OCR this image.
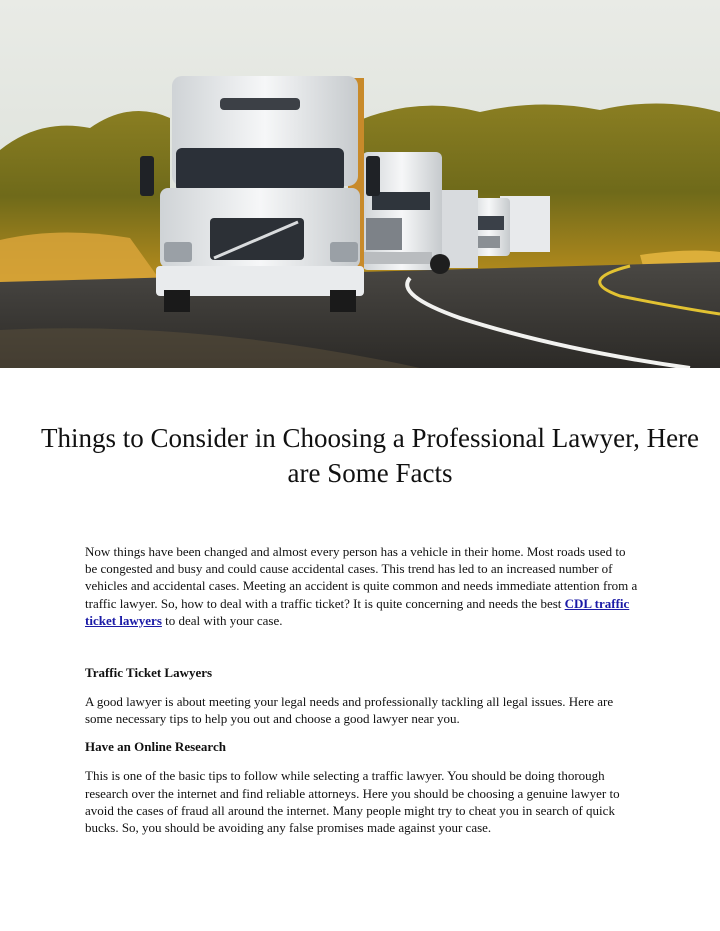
Things to Consider in Choosing a Professional Lawyer, Here are Some Facts

Now things have been changed and almost every person has a vehicle in their home. Most roads used to be congested and busy and could cause accidental cases. This trend has led to an increased number of vehicles and accidental cases. Meeting an accident is quite common and needs immediate attention from a traffic lawyer. So, how to deal with a traffic ticket? It is quite concerning and needs the best CDL traffic ticket lawyers to deal with your case.

Traffic Ticket Lawyers

A good lawyer is about meeting your legal needs and professionally tackling all legal issues. Here are some necessary tips to help you out and choose a good lawyer near you.

Have an Online Research

This is one of the basic tips to follow while selecting a traffic lawyer. You should be doing thorough research over the internet and find reliable attorneys. Here you should be choosing a genuine lawyer to avoid the cases of fraud all around the internet. Many people might try to cheat you in search of quick bucks. So, you should be avoiding any false promises made against your case.
